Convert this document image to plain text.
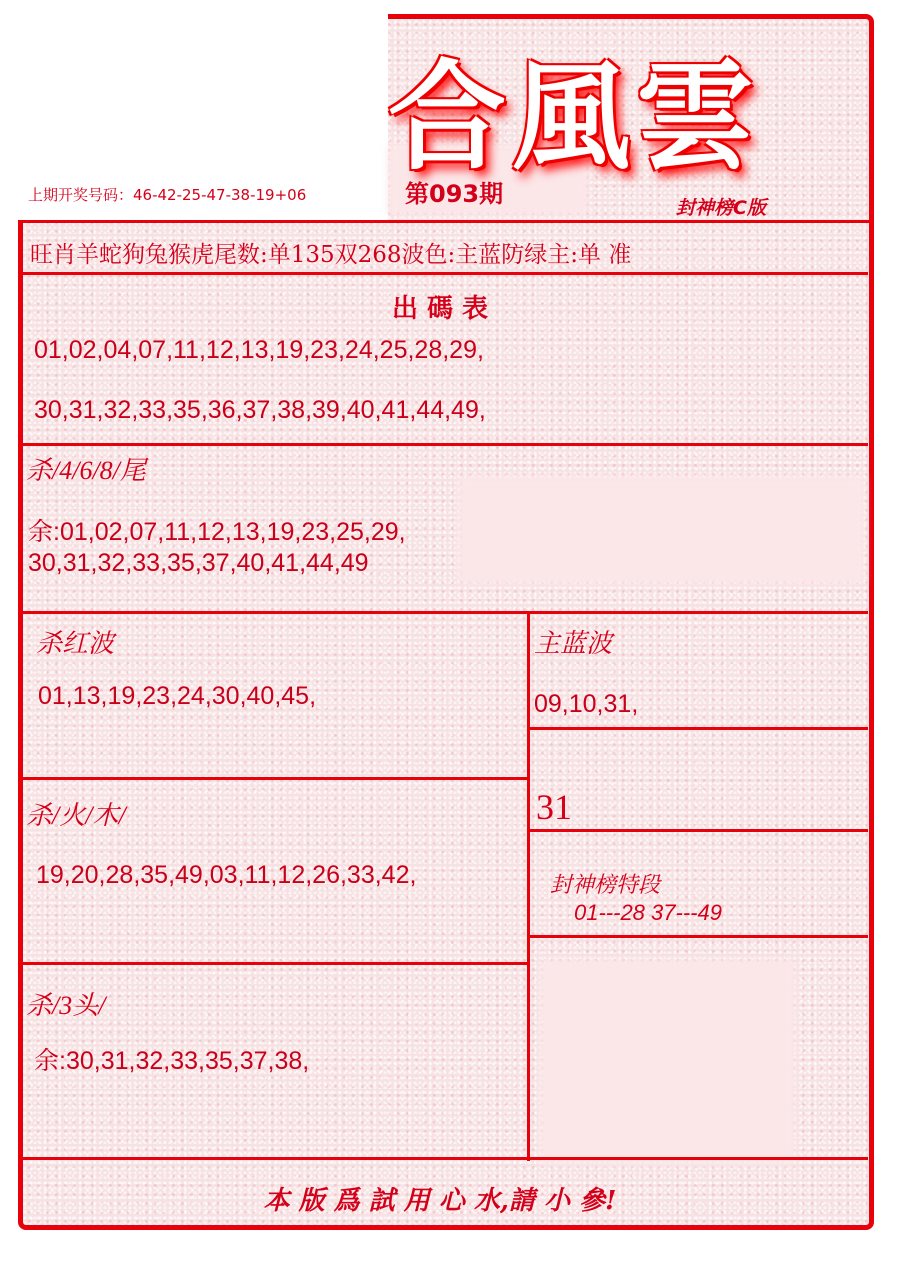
合風雲
上期开奖号码：46-42-25-47-38-19+06	第093期	封神榜C版
旺肖羊蛇狗兔猴虎尾数:单135双268波色:主蓝防绿主:单 准
出 碼 表
01,02,04,07,11,12,13,19,23,24,25,28,29,
30,31,32,33,35,36,37,38,39,40,41,44,49,
杀/4/6/8/尾
余:01,02,07,11,12,13,19,23,25,29,
30,31,32,33,35,37,40,41,44,49
杀红波
01,13,19,23,24,30,40,45,
杀/火/木/
19,20,28,35,49,03,11,12,26,33,42,
杀/3头/
余:30,31,32,33,35,37,38,
主蓝波
09,10,31,
31
封神榜特段
01---28 37---49
本 版 爲 試 用 心 水,請 小 參!
